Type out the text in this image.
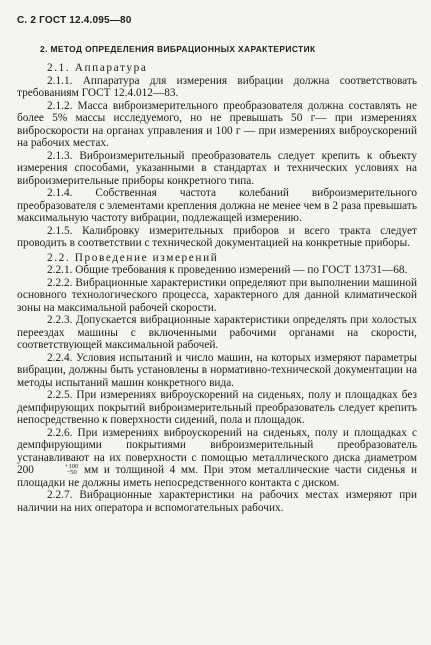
С. 2 ГОСТ 12.4.095—80
2. МЕТОД ОПРЕДЕЛЕНИЯ ВИБРАЦИОННЫХ ХАРАКТЕРИСТИК

2.1. Аппаратура

2.1.1. Аппаратура для измерения вибрации должна соответствовать требованиям ГОСТ 12.4.012—83.

2.1.2. Масса виброизмерительного преобразователя должна составлять не более 5% массы исследуемого, но не превышать 50 г— при измерениях виброскорости на органах управления и 100 г — при измерениях виброускорений на рабочих местах.

2.1.3. Виброизмерительный преобразователь следует крепить к объекту измерения способами, указанными в стандартах и технических условиях на виброизмерительные приборы конкретного типа.

2.1.4. Собственная частота колебаний виброизмерительного преобразователя с элементами крепления должна не менее чем в 2 раза превышать максимальную частоту вибрации, подлежащей измерению.

2.1.5. Калибровку измерительных приборов и всего тракта следует проводить в соответствии с технической документацией на конкретные приборы.

2.2. Проведение измерений

2.2.1. Общие требования к проведению измерений — по ГОСТ 13731—68.

2.2.2. Вибрационные характеристики определяют при выполнении машиной основного технологического процесса, характерного для данной климатической зоны на максимальной рабочей скорости.

2.2.3. Допускается вибрационные характеристики определять при холостых переездах машины с включенными рабочими органами на скорости, соответствующей максимальной рабочей.

2.2.4. Условия испытаний и число машин, на которых измеряют параметры вибрации, должны быть установлены в нормативно-технической документации на методы испытаний машин конкретного вида.

2.2.5. При измерениях виброускорений на сиденьях, полу и площадках без демпфирующих покрытий виброизмерительный преобразователь следует крепить непосредственно к поверхности сидений, пола и площадок.

2.2.6. При измерениях виброускорений на сиденьях, полу и площадках с демпфирующими покрытиями виброизмерительный преобразователь устанавливают на их поверхности с помощью металлического диска диаметром 200	+100
−50 мм и толщиной 4 мм. При этом металлические части сиденья и площадки не должны иметь непосредственного контакта с диском.

2.2.7. Вибрационные характеристики на рабочих местах измеряют при наличии на них оператора и вспомогательных рабочих.
